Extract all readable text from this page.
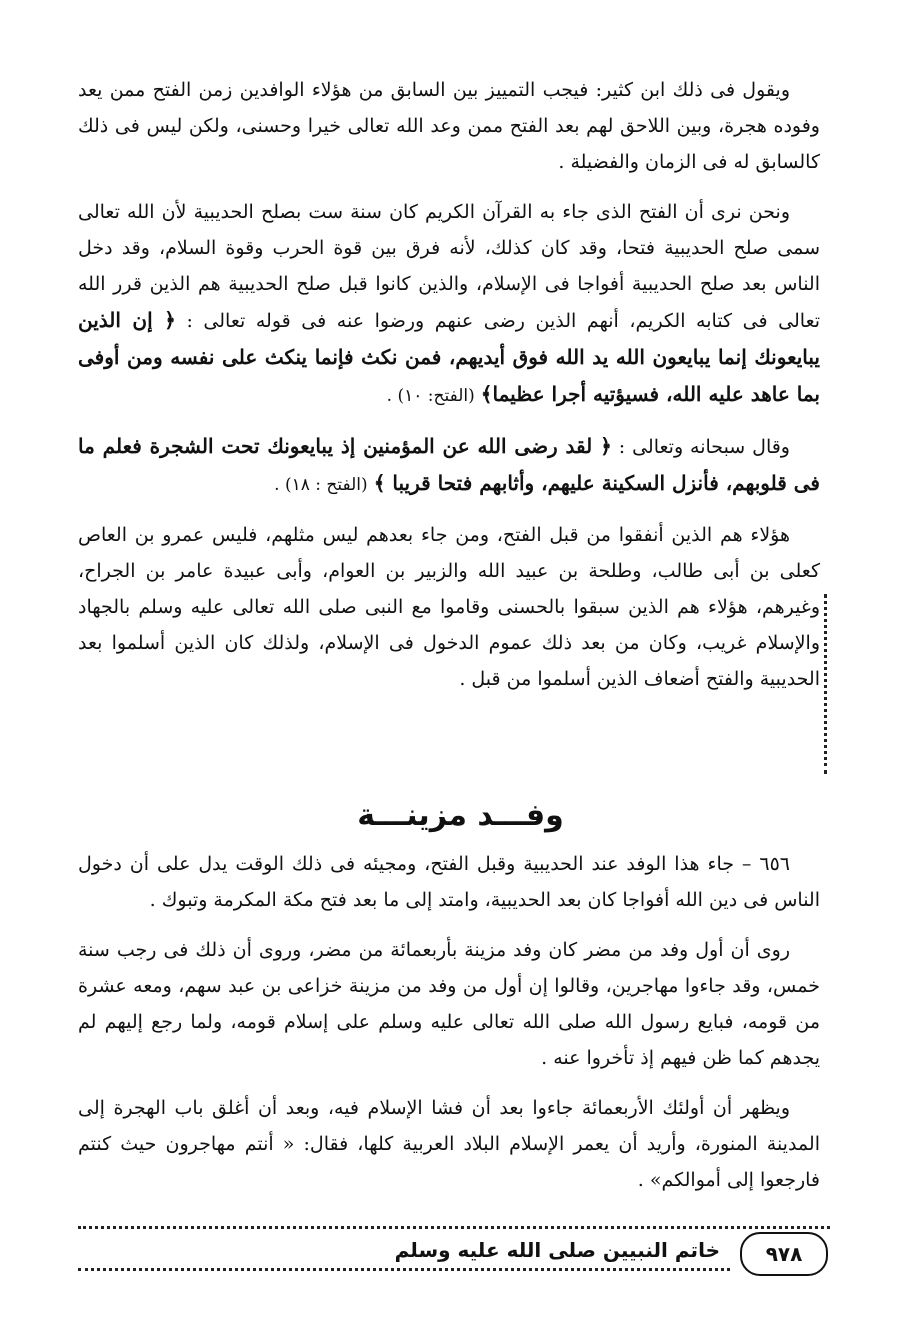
ويقول فى ذلك ابن كثير: فيجب التمييز بين السابق من هؤلاء الوافدين زمن الفتح ممن يعد وفوده هجرة، وبين اللاحق لهم بعد الفتح ممن وعد الله تعالى خيرا وحسنى، ولكن ليس فى ذلك كالسابق له فى الزمان والفضيلة .

ونحن نرى أن الفتح الذى جاء به القرآن الكريم كان سنة ست بصلح الحديبية لأن الله تعالى سمى صلح الحديبية فتحا، وقد كان كذلك، لأنه فرق بين قوة الحرب وقوة السلام، وقد دخل الناس بعد صلح الحديبية أفواجا فى الإسلام، والذين كانوا قبل صلح الحديبية هم الذين قرر الله تعالى فى كتابه الكريم، أنهم الذين رضى عنهم ورضوا عنه فى قوله تعالى : ﴿ إن الذين يبايعونك إنما يبايعون الله يد الله فوق أيديهم، فمن نكث فإنما ينكث على نفسه ومن أوفى بما عاهد عليه الله، فسيؤتيه أجرا عظيما﴾ (الفتح: ١٠) .

وقال سبحانه وتعالى : ﴿ لقد رضى الله عن المؤمنين إذ يبايعونك تحت الشجرة فعلم ما فى قلوبهم، فأنزل السكينة عليهم، وأثابهم فتحا قريبا ﴾ (الفتح : ١٨) .

هؤلاء هم الذين أنفقوا من قبل الفتح، ومن جاء بعدهم ليس مثلهم، فليس عمرو بن العاص كعلى بن أبى طالب، وطلحة بن عبيد الله والزبير بن العوام، وأبى عبيدة عامر بن الجراح، وغيرهم، هؤلاء هم الذين سبقوا بالحسنى وقاموا مع النبى صلى الله تعالى عليه وسلم بالجهاد والإسلام غريب، وكان من بعد ذلك عموم الدخول فى الإسلام، ولذلك كان الذين أسلموا بعد الحديبية والفتح أضعاف الذين أسلموا من قبل .

وفـــد مزينـــة

٦٥٦ – جاء هذا الوفد عند الحديبية وقبل الفتح، ومجيئه فى ذلك الوقت يدل على أن دخول الناس فى دين الله أفواجا كان بعد الحديبية، وامتد إلى ما بعد فتح مكة المكرمة وتبوك .

روى أن أول وفد من مضر كان وفد مزينة بأربعمائة من مضر، وروى أن ذلك فى رجب سنة خمس، وقد جاءوا مهاجرين، وقالوا إن أول من وفد من مزينة خزاعى بن عبد سهم، ومعه عشرة من قومه، فبايع رسول الله صلى الله تعالى عليه وسلم على إسلام قومه، ولما رجع إليهم لم يجدهم كما ظن فيهم إذ تأخروا عنه .

ويظهر أن أولئك الأربعمائة جاءوا بعد أن فشا الإسلام فيه، وبعد أن أغلق باب الهجرة إلى المدينة المنورة، وأريد أن يعمر الإسلام البلاد العربية كلها، فقال: « أنتم مهاجرون حيث كنتم فارجعوا إلى أموالكم» .

خاتم النبيين صلى الله عليه وسلم	٩٧٨
